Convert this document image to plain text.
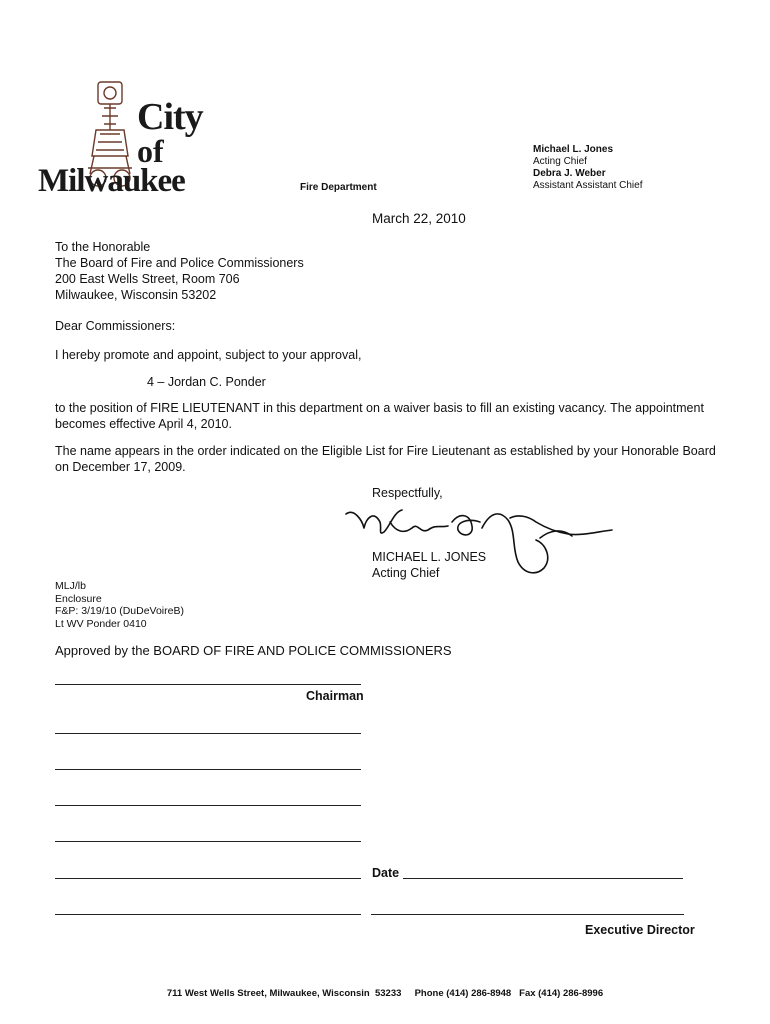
City
of
Milwaukee	Fire Department
Michael L. Jones
Acting Chief
Debra J. Weber
Assistant Assistant Chief
March 22, 2010
To the Honorable
The Board of Fire and Police Commissioners
200 East Wells Street, Room 706
Milwaukee, Wisconsin 53202
Dear Commissioners:
I hereby promote and appoint, subject to your approval,
4 – Jordan C. Ponder
to the position of FIRE LIEUTENANT in this department on a waiver basis to fill an existing vacancy. The appointment becomes effective April 4, 2010.
The name appears in the order indicated on the Eligible List for Fire Lieutenant as established by your Honorable Board on December 17, 2009.
Respectfully,
MICHAEL L. JONES
Acting Chief
MLJ/lb
Enclosure
F&P: 3/19/10 (DuDeVoireB)
Lt WV Ponder 0410
Approved by the BOARD OF FIRE AND POLICE COMMISSIONERS
Chairman
Date
Executive Director
711 West Wells Street, Milwaukee, Wisconsin  53233     Phone (414) 286-8948   Fax (414) 286-8996
